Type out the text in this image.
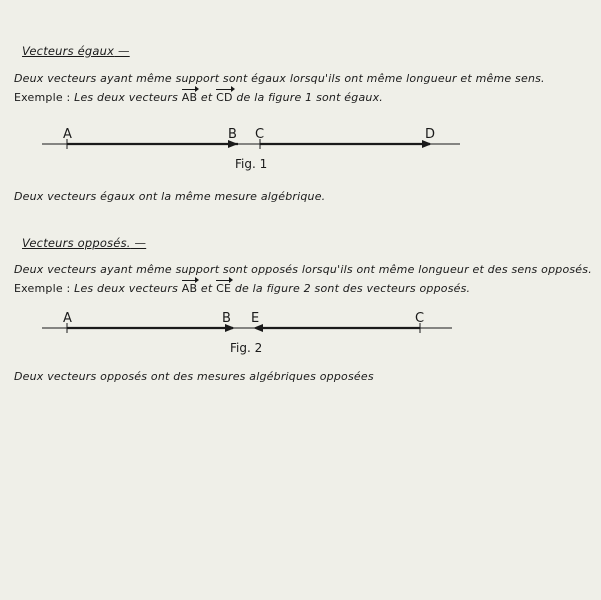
Vecteurs égaux —
Deux vecteurs ayant même support sont égaux lorsqu'ils ont même longueur et même sens.
Exemple : Les deux vecteurs AB et CD de la figure 1 sont égaux.
A	B C	D
Fig. 1
A	B E	C
Fig. 2
Deux vecteurs égaux ont la même mesure algébrique.
Vecteurs opposés. —
Deux vecteurs ayant même support sont opposés lorsqu'ils ont même longueur et des sens opposés.
Exemple : Les deux vecteurs AB et CE de la figure 2 sont des vecteurs opposés.
Deux vecteurs opposés ont des mesures algébriques opposées
